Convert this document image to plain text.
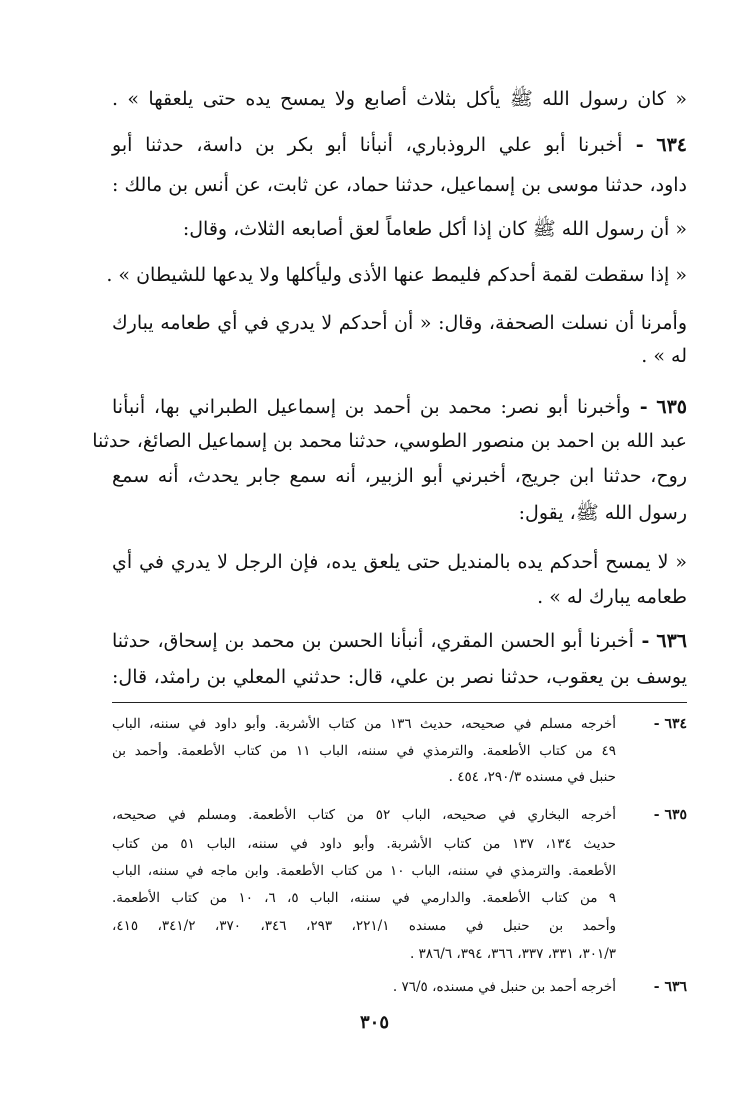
« كان رسول الله ﷺ يأكل بثلاث أصابع ولا يمسح يده حتى يلعقها » .
٦٣٤ - أخبرنا أبو علي الروذباري، أنبأنا أبو بكر بن داسة، حدثنا أبو
داود، حدثنا موسى بن إسماعيل، حدثنا حماد، عن ثابت، عن أنس بن مالك :
« أن رسول الله ﷺ كان إذا أكل طعاماً لعق أصابعه الثلاث، وقال:
« إذا سقطت لقمة أحدكم فليمط عنها الأذى وليأكلها ولا يدعها للشيطان » .
وأمرنا أن نسلت الصحفة، وقال: « أن أحدكم لا يدري في أي طعامه يبارك
له » .
٦٣٥ - وأخبرنا أبو نصر: محمد بن أحمد بن إسماعيل الطبراني بها، أنبأنا
عبد الله بن احمد بن منصور الطوسي، حدثنا محمد بن إسماعيل الصائغ، حدثنا
روح، حدثنا ابن جريج، أخبرني أبو الزبير، أنه سمع جابر يحدث، أنه سمع
رسول الله ﷺ، يقول:
« لا يمسح أحدكم يده بالمنديل حتى يلعق يده، فإن الرجل لا يدري في أي
طعامه يبارك له » .
٦٣٦ - أخبرنا أبو الحسن المقري، أنبأنا الحسن بن محمد بن إسحاق، حدثنا
يوسف بن يعقوب، حدثنا نصر بن علي، قال: حدثني المعلي بن رامثد، قال:
٦٣٤ -
أخرجه مسلم في صحيحه، حديث ١٣٦ من كتاب الأشربة. وأبو داود في سننه، الباب
٤٩ من كتاب الأطعمة. والترمذي في سننه، الباب ١١ من كتاب الأطعمة. وأحمد بن
حنبل في مسنده ٢٩٠/٣، ٤٥٤ .
٦٣٥ -
أخرجه البخاري في صحيحه، الباب ٥٢ من كتاب الأطعمة. ومسلم في صحيحه،
حديث ١٣٤، ١٣٧ من كتاب الأشربة. وأبو داود في سننه، الباب ٥١ من كتاب
الأطعمة. والترمذي في سننه، الباب ١٠ من كتاب الأطعمة. وابن ماجه في سننه، الباب
٩ من كتاب الأطعمة. والدارمي في سننه، الباب ٥، ٦، ١٠ من كتاب الأطعمة.
وأحمد بن حنبل في مسنده ٢٢١/١، ٢٩٣، ٣٤٦، ٣٧٠، ٣٤١/٢، ٤١٥،
٣٠١/٣، ٣٣١، ٣٣٧، ٣٦٦، ٣٩٤، ٣٨٦/٦ .
٦٣٦ -
أخرجه أحمد بن حنبل في مسنده، ٧٦/٥ .
٣٠٥
